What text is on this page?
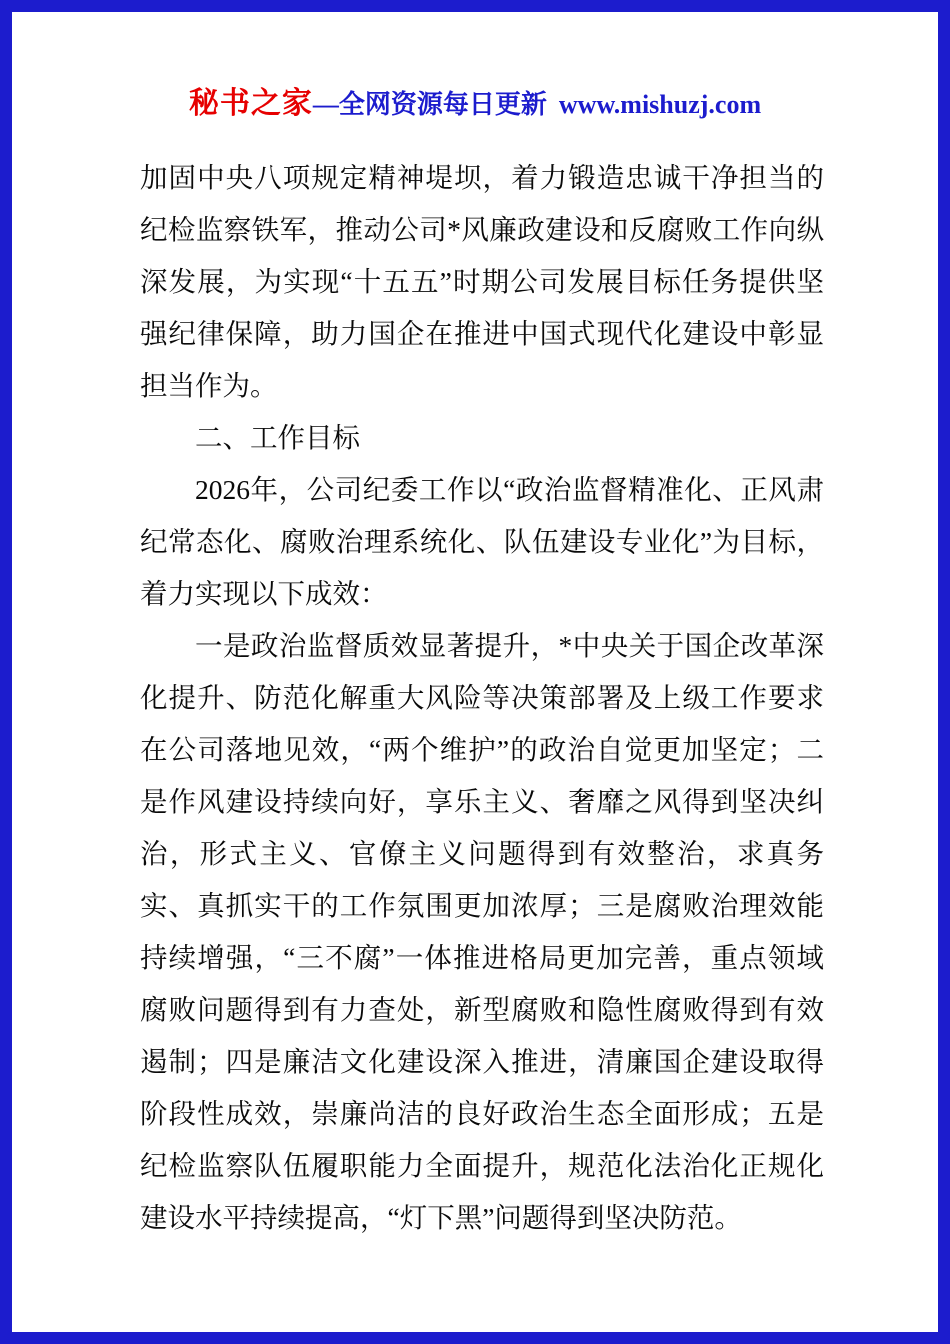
秘书之家—全网资源每日更新 www.mishuzj.com

加固中央八项规定精神堤坝，着力锻造忠诚干净担当的纪检监察铁军，推动公司*风廉政建设和反腐败工作向纵深发展，为实现“十五五”时期公司发展目标任务提供坚强纪律保障，助力国企在推进中国式现代化建设中彰显担当作为。

二、工作目标

2026年，公司纪委工作以“政治监督精准化、正风肃纪常态化、腐败治理系统化、队伍建设专业化”为目标，着力实现以下成效：

一是政治监督质效显著提升，*中央关于国企改革深化提升、防范化解重大风险等决策部署及上级工作要求在公司落地见效，“两个维护”的政治自觉更加坚定；二是作风建设持续向好，享乐主义、奢靡之风得到坚决纠治，形式主义、官僚主义问题得到有效整治，求真务实、真抓实干的工作氛围更加浓厚；三是腐败治理效能持续增强，“三不腐”一体推进格局更加完善，重点领域腐败问题得到有力查处，新型腐败和隐性腐败得到有效遏制；四是廉洁文化建设深入推进，清廉国企建设取得阶段性成效，崇廉尚洁的良好政治生态全面形成；五是纪检监察队伍履职能力全面提升，规范化法治化正规化建设水平持续提高，“灯下黑”问题得到坚决防范。
